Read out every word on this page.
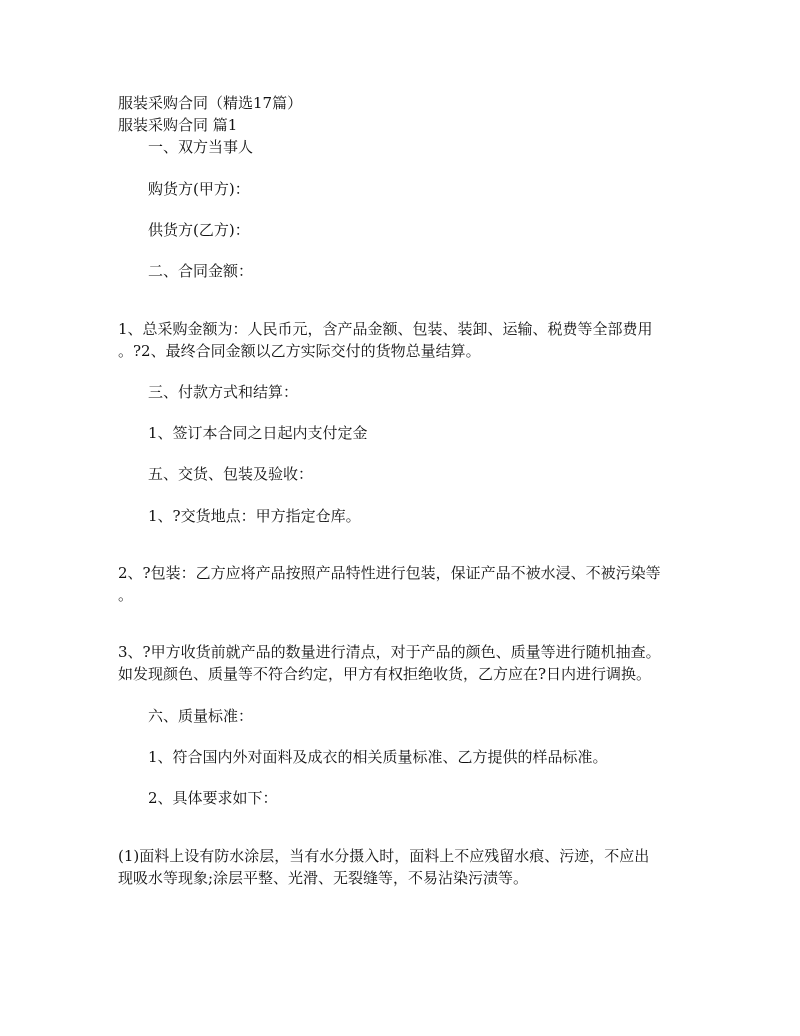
服装采购合同（精选17篇）

服装采购合同 篇1

一、双方当事人

购货方(甲方)：

供货方(乙方)：

二、合同金额：

1、总采购金额为：人民币元，含产品金额、包装、装卸、运输、税费等全部费用

。?2、最终合同金额以乙方实际交付的货物总量结算。

三、付款方式和结算：

1、签订本合同之日起内支付定金

五、交货、包装及验收：

1、?交货地点：甲方指定仓库。

2、?包装：乙方应将产品按照产品特性进行包装，保证产品不被水浸、不被污染等

。

3、?甲方收货前就产品的数量进行清点，对于产品的颜色、质量等进行随机抽查。

如发现颜色、质量等不符合约定，甲方有权拒绝收货，乙方应在?日内进行调换。

六、质量标准：

1、符合国内外对面料及成衣的相关质量标准、乙方提供的样品标准。

2、具体要求如下：

(1)面料上设有防水涂层，当有水分摄入时，面料上不应残留水痕、污迹，不应出

现吸水等现象;涂层平整、光滑、无裂缝等，不易沾染污渍等。
